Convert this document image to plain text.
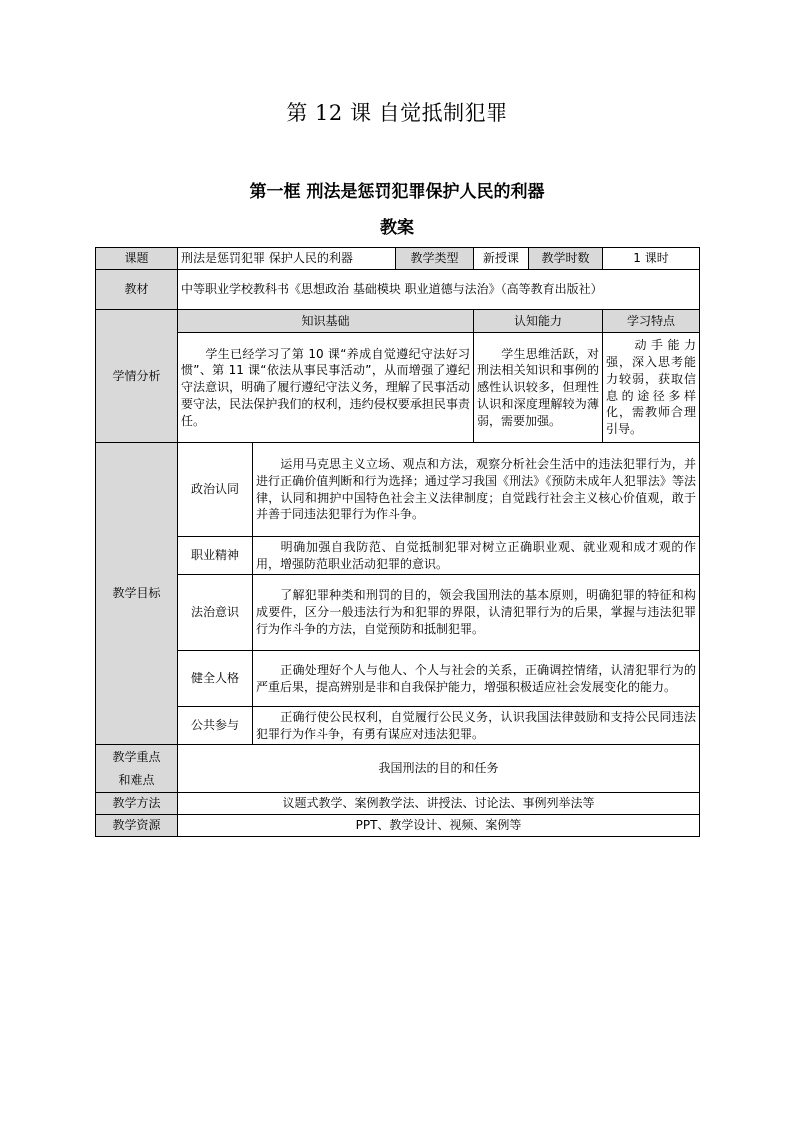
第 12 课 自觉抵制犯罪
第一框 刑法是惩罚犯罪保护人民的利器
教案
课题	刑法是惩罚犯罪 保护人民的利器		教学类型	新授课	教学时数	1 课时
教材	中等职业学校教科书《思想政治 基础模块 职业道德与法治》（高等教育出版社）					
学情分析	知识基础			认知能力		学习特点
	学生已经学习了第 10 课“养成自觉遵纪守法好习惯”、第 11 课“依法从事民事活动”，从而增强了遵纪守法意识，明确了履行遵纪守法义务，理解了民事活动要守法，民法保护我们的权利，违约侵权要承担民事责任。			学生思维活跃，对刑法相关知识和事例的感性认识较多，但理性认识和深度理解较为薄弱，需要加强。		动手能力强，深入思考能力较弱，获取信息的途径多样化，需教师合理引导。
教学目标	政治认同	运用马克思主义立场、观点和方法，观察分析社会生活中的违法犯罪行为，并进行正确价值判断和行为选择；通过学习我国《刑法》《预防未成年人犯罪法》等法律，认同和拥护中国特色社会主义法律制度；自觉践行社会主义核心价值观，敢于并善于同违法犯罪行为作斗争。				
	职业精神	明确加强自我防范、自觉抵制犯罪对树立正确职业观、就业观和成才观的作用，增强防范职业活动犯罪的意识。				
	法治意识	了解犯罪种类和刑罚的目的，领会我国刑法的基本原则，明确犯罪的特征和构成要件，区分一般违法行为和犯罪的界限，认清犯罪行为的后果，掌握与违法犯罪行为作斗争的方法，自觉预防和抵制犯罪。				
	健全人格	正确处理好个人与他人、个人与社会的关系，正确调控情绪，认清犯罪行为的严重后果，提高辨别是非和自我保护能力，增强积极适应社会发展变化的能力。				
	公共参与	正确行使公民权利，自觉履行公民义务，认识我国法律鼓励和支持公民同违法犯罪行为作斗争，有勇有谋应对违法犯罪。				

教学重点
和难点	我国刑法的目的和任务					
教学方法	议题式教学、案例教学法、讲授法、讨论法、事例列举法等					
教学资源	PPT、教学设计、视频、案例等					
